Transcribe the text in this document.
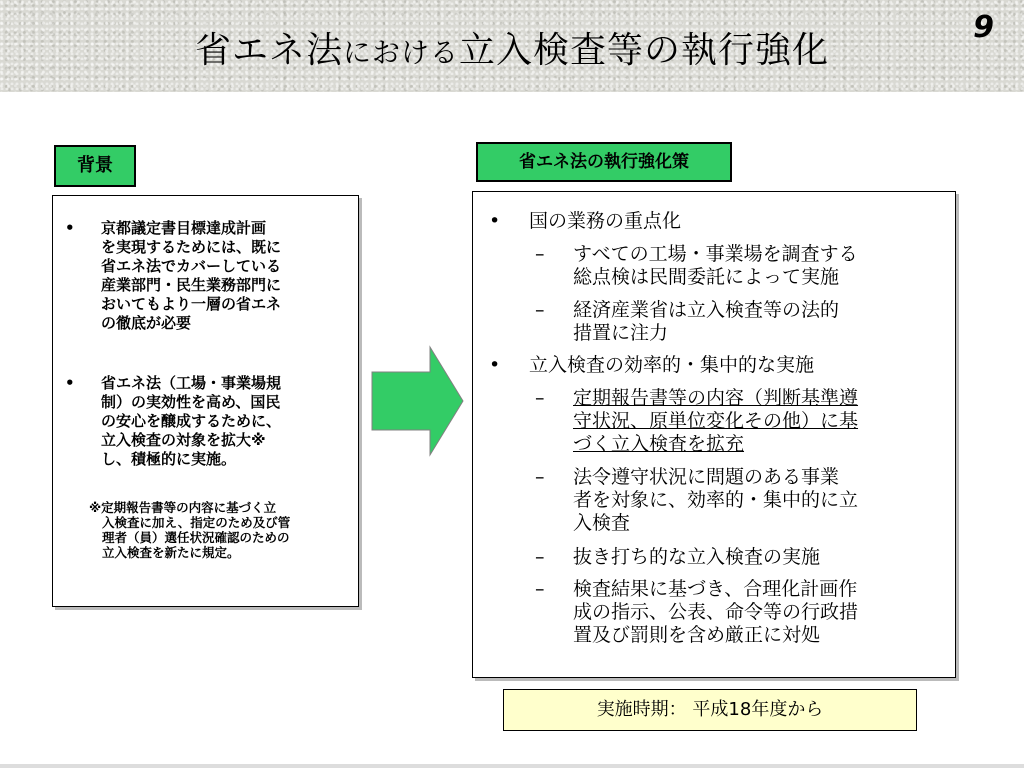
省エネ法における立入検査等の執行強化
9
背景
• 京都議定書目標達成計画
を実現するためには、既に
省エネ法でカバーしている
産業部門・民生業務部門に
おいてもより一層の省エネ
の徹底が必要
• 省エネ法（工場・事業場規
制）の実効性を高め、国民
の安心を醸成するために、
立入検査の対象を拡大※
し、積極的に実施。
※定期報告書等の内容に基づく立
入検査に加え、指定のため及び管
理者（員）選任状況確認のための
立入検査を新たに規定。
省エネ法の執行強化策
• 国の業務の重点化
– すべての工場・事業場を調査する
総点検は民間委託によって実施
– 経済産業省は立入検査等の法的
措置に注力
• 立入検査の効率的・集中的な実施
– 定期報告書等の内容（判断基準遵
守状況、原単位変化その他）に基
づく立入検査を拡充
– 法令遵守状況に問題のある事業
者を対象に、効率的・集中的に立
入検査
– 抜き打ち的な立入検査の実施
– 検査結果に基づき、合理化計画作
成の指示、公表、命令等の行政措
置及び罰則を含め厳正に対処
実施時期： 平成18年度から
